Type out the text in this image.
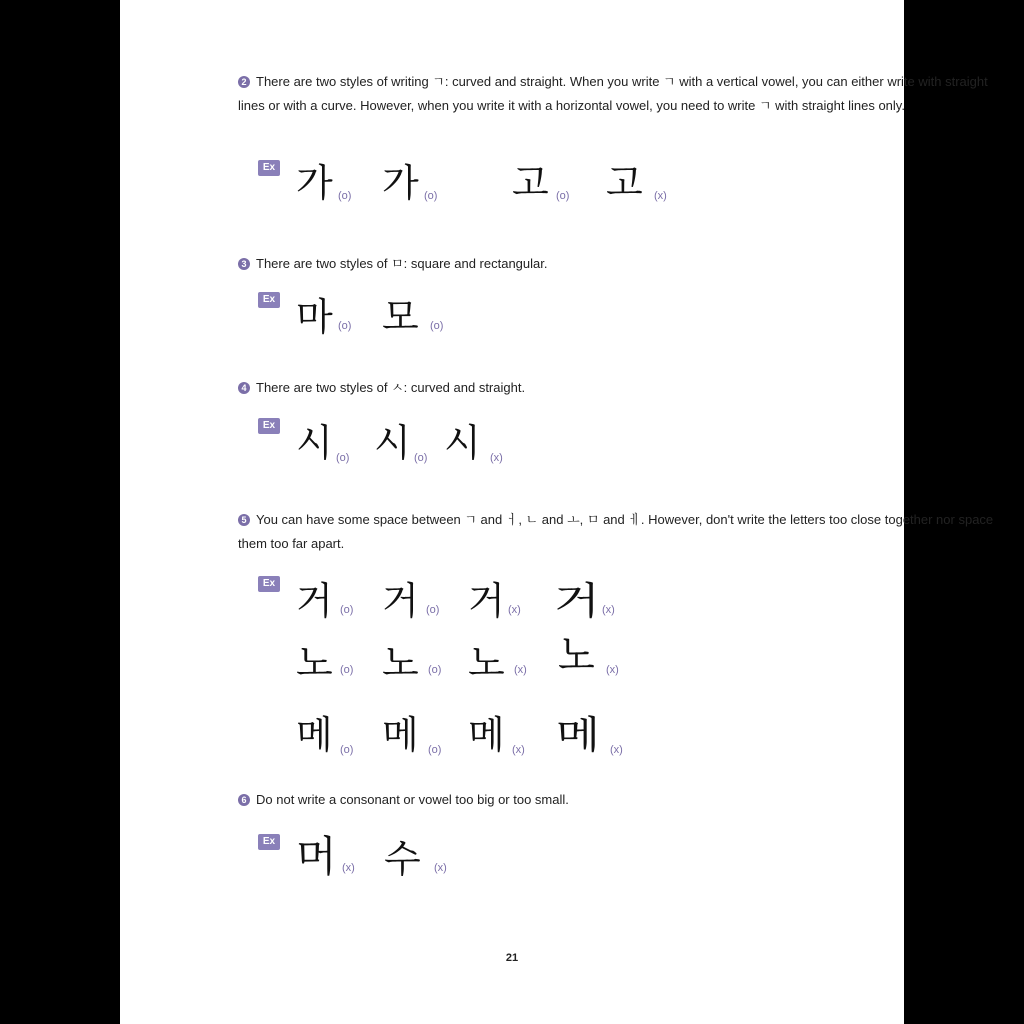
2 There are two styles of writing ㄱ: curved and straight. When you write ㄱ with a vertical vowel, you can either write with straight lines or with a curve. However, when you write it with a horizontal vowel, you need to write ㄱ with straight lines only.
Ex 가 (o) 가 (o) 고 (o) 고 (x)
3 There are two styles of ㅁ: square and rectangular.
Ex 마 (o) 모 (o)
4 There are two styles of ㅅ: curved and straight.
Ex 시 (o) 시 (o) 시 (x)
5 You can have some space between ㄱ and ㅓ, ㄴ and ㅗ, ㅁ and ㅔ. However, don't write the letters too close together nor space them too far apart.
Ex 거 (o) 거 (o) 거 (x) 거 (x)
노 (o) 노 (o) 노 (x) 노 (x)
메 (o) 메 (o) 메 (x) 메 (x)
6 Do not write a consonant or vowel too big or too small.
Ex 머 (x) 수 (x)
21
